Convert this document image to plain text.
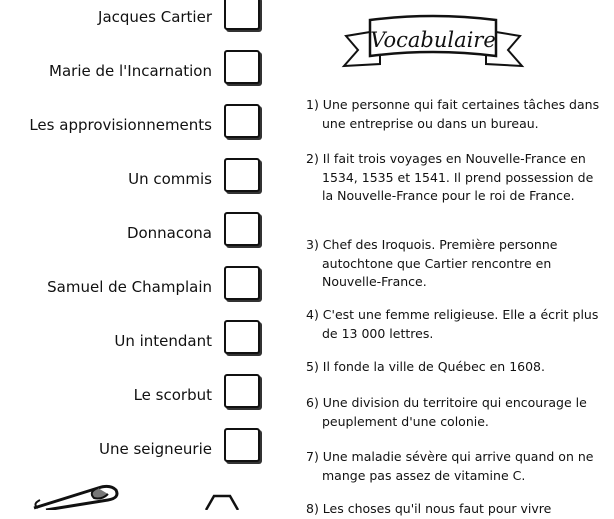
Jacques Cartier
Marie de l'Incarnation
Les approvisionnements
Un commis
Donnacona
Samuel de Champlain
Un intendant
Le scorbut
Une seigneurie
Vocabulaire
1) Une personne qui fait certaines tâches dans une entreprise ou dans un bureau.
2) Il fait trois voyages en Nouvelle-France en 1534, 1535 et 1541. Il prend possession de la Nouvelle-France pour le roi de France.
3) Chef des Iroquois. Première personne autochtone que Cartier rencontre en Nouvelle-France.
4) C'est une femme religieuse. Elle a écrit plus de 13 000 lettres.
5) Il fonde la ville de Québec en 1608.
6) Une division du territoire qui encourage le peuplement d'une colonie.
7) Une maladie sévère qui arrive quand on ne mange pas assez de vitamine C.
8) Les choses qu'il nous faut pour vivre
